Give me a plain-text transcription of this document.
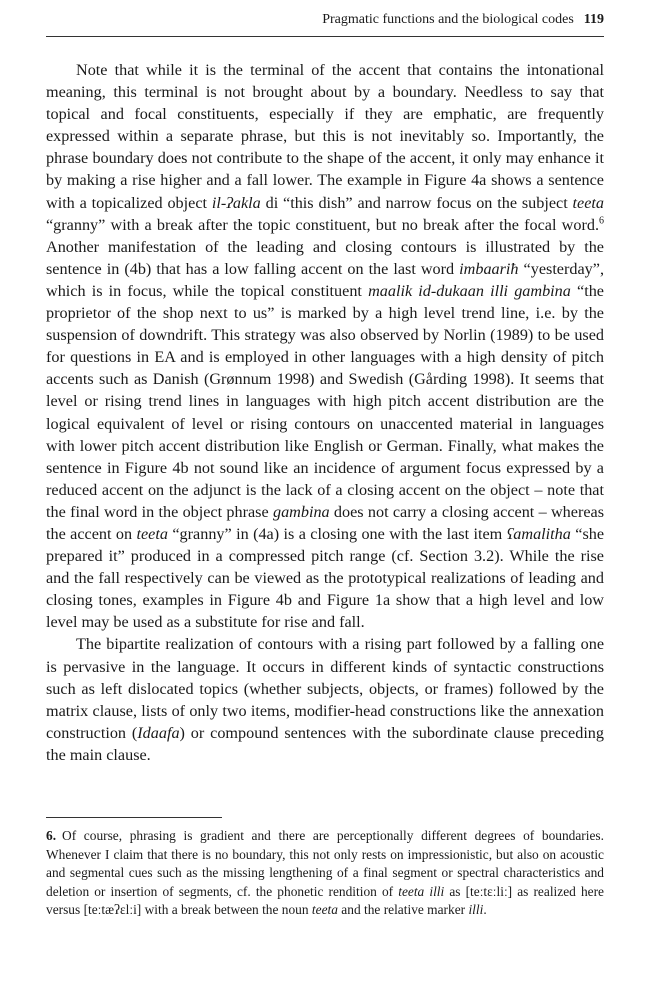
Pragmatic functions and the biological codes 119

Note that while it is the terminal of the accent that contains the intonational meaning, this terminal is not brought about by a boundary. Needless to say that topical and focal constituents, especially if they are emphatic, are frequently expressed within a separate phrase, but this is not inevitably so. Importantly, the phrase boundary does not contribute to the shape of the accent, it only may enhance it by making a rise higher and a fall lower. The example in Figure 4a shows a sentence with a topicalized object il-ʔakla di “this dish” and narrow focus on the subject teeta “granny” with a break after the topic constituent, but no break after the focal word.$^6$ Another manifestation of the leading and closing contours is illustrated by the sentence in (4b) that has a low falling accent on the last word imbaariħ “yesterday”, which is in focus, while the topical constituent maalik id-dukaan illi gambina “the proprietor of the shop next to us” is marked by a high level trend line, i.e. by the suspension of downdrift. This strategy was also observed by Norlin (1989) to be used for questions in EA and is employed in other languages with a high density of pitch accents such as Danish (Grønnum 1998) and Swedish (Gårding 1998). It seems that level or rising trend lines in languages with high pitch accent distribution are the logical equivalent of level or rising contours on unaccented material in languages with lower pitch accent distribution like English or German. Finally, what makes the sentence in Figure 4b not sound like an incidence of argument focus expressed by a reduced accent on the adjunct is the lack of a closing accent on the object – note that the final word in the object phrase gambina does not carry a closing accent – whereas the accent on teeta “granny” in (4a) is a closing one with the last item ʕamalitha “she prepared it” produced in a compressed pitch range (cf. Section 3.2). While the rise and the fall respectively can be viewed as the prototypical realizations of leading and closing tones, examples in Figure 4b and Figure 1a show that a high level and low level may be used as a substitute for rise and fall.

The bipartite realization of contours with a rising part followed by a falling one is pervasive in the language. It occurs in different kinds of syntactic constructions such as left dislocated topics (whether subjects, objects, or frames) followed by the matrix clause, lists of only two items, modifier-head constructions like the annexation construction (Idaafa) or compound sentences with the subordinate clause preceding the main clause.

6. Of course, phrasing is gradient and there are perceptionally different degrees of boundaries. Whenever I claim that there is no boundary, this not only rests on impressionistic, but also on acoustic and segmental cues such as the missing lengthening of a final segment or spectral characteristics and deletion or insertion of segments, cf. the phonetic rendition of teeta illi as [teːtɛːliː] as realized here versus [teːtæʔɛlːi] with a break between the noun teeta and the relative marker illi.
